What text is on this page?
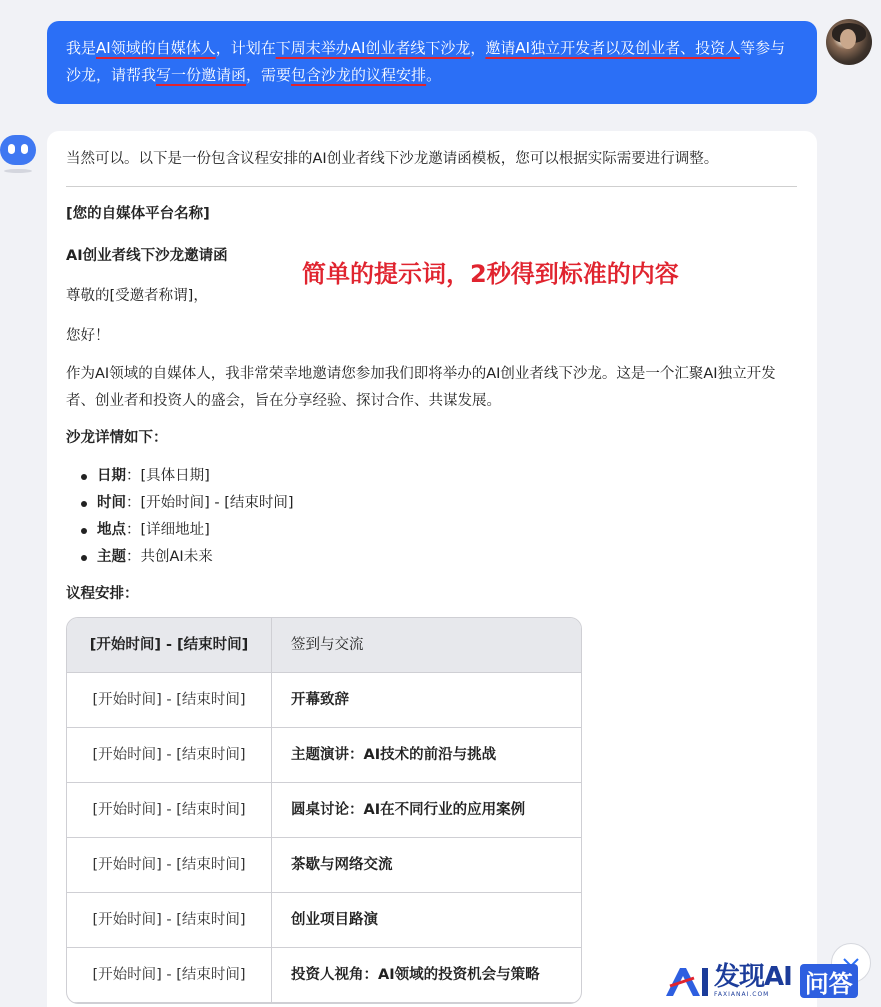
我是AI领域的自媒体人，计划在下周末举办AI创业者线下沙龙，邀请AI独立开发者以及创业者、投资人等参与沙龙，请帮我写一份邀请函，需要包含沙龙的议程安排。
当然可以。以下是一份包含议程安排的AI创业者线下沙龙邀请函模板，您可以根据实际需要进行调整。
[您的自媒体平台名称]
AI创业者线下沙龙邀请函
尊敬的[受邀者称谓]，
您好！
作为AI领域的自媒体人，我非常荣幸地邀请您参加我们即将举办的AI创业者线下沙龙。这是一个汇聚AI独立开发者、创业者和投资人的盛会，旨在分享经验、探讨合作、共谋发展。
沙龙详情如下：
日期：[具体日期]
时间：[开始时间] - [结束时间]
地点：[详细地址]
主题：共创AI未来
议程安排：
[开始时间] - [结束时间]	签到与交流
[开始时间] - [结束时间]	开幕致辞
[开始时间] - [结束时间]	主题演讲：AI技术的前沿与挑战
[开始时间] - [结束时间]	圆桌讨论：AI在不同行业的应用案例
[开始时间] - [结束时间]	茶歇与网络交流
[开始时间] - [结束时间]	创业项目路演
[开始时间] - [结束时间]	投资人视角：AI领域的投资机会与策略
简单的提示词，2秒得到标准的内容
发现AI
FAXIANAI.COM	问答
